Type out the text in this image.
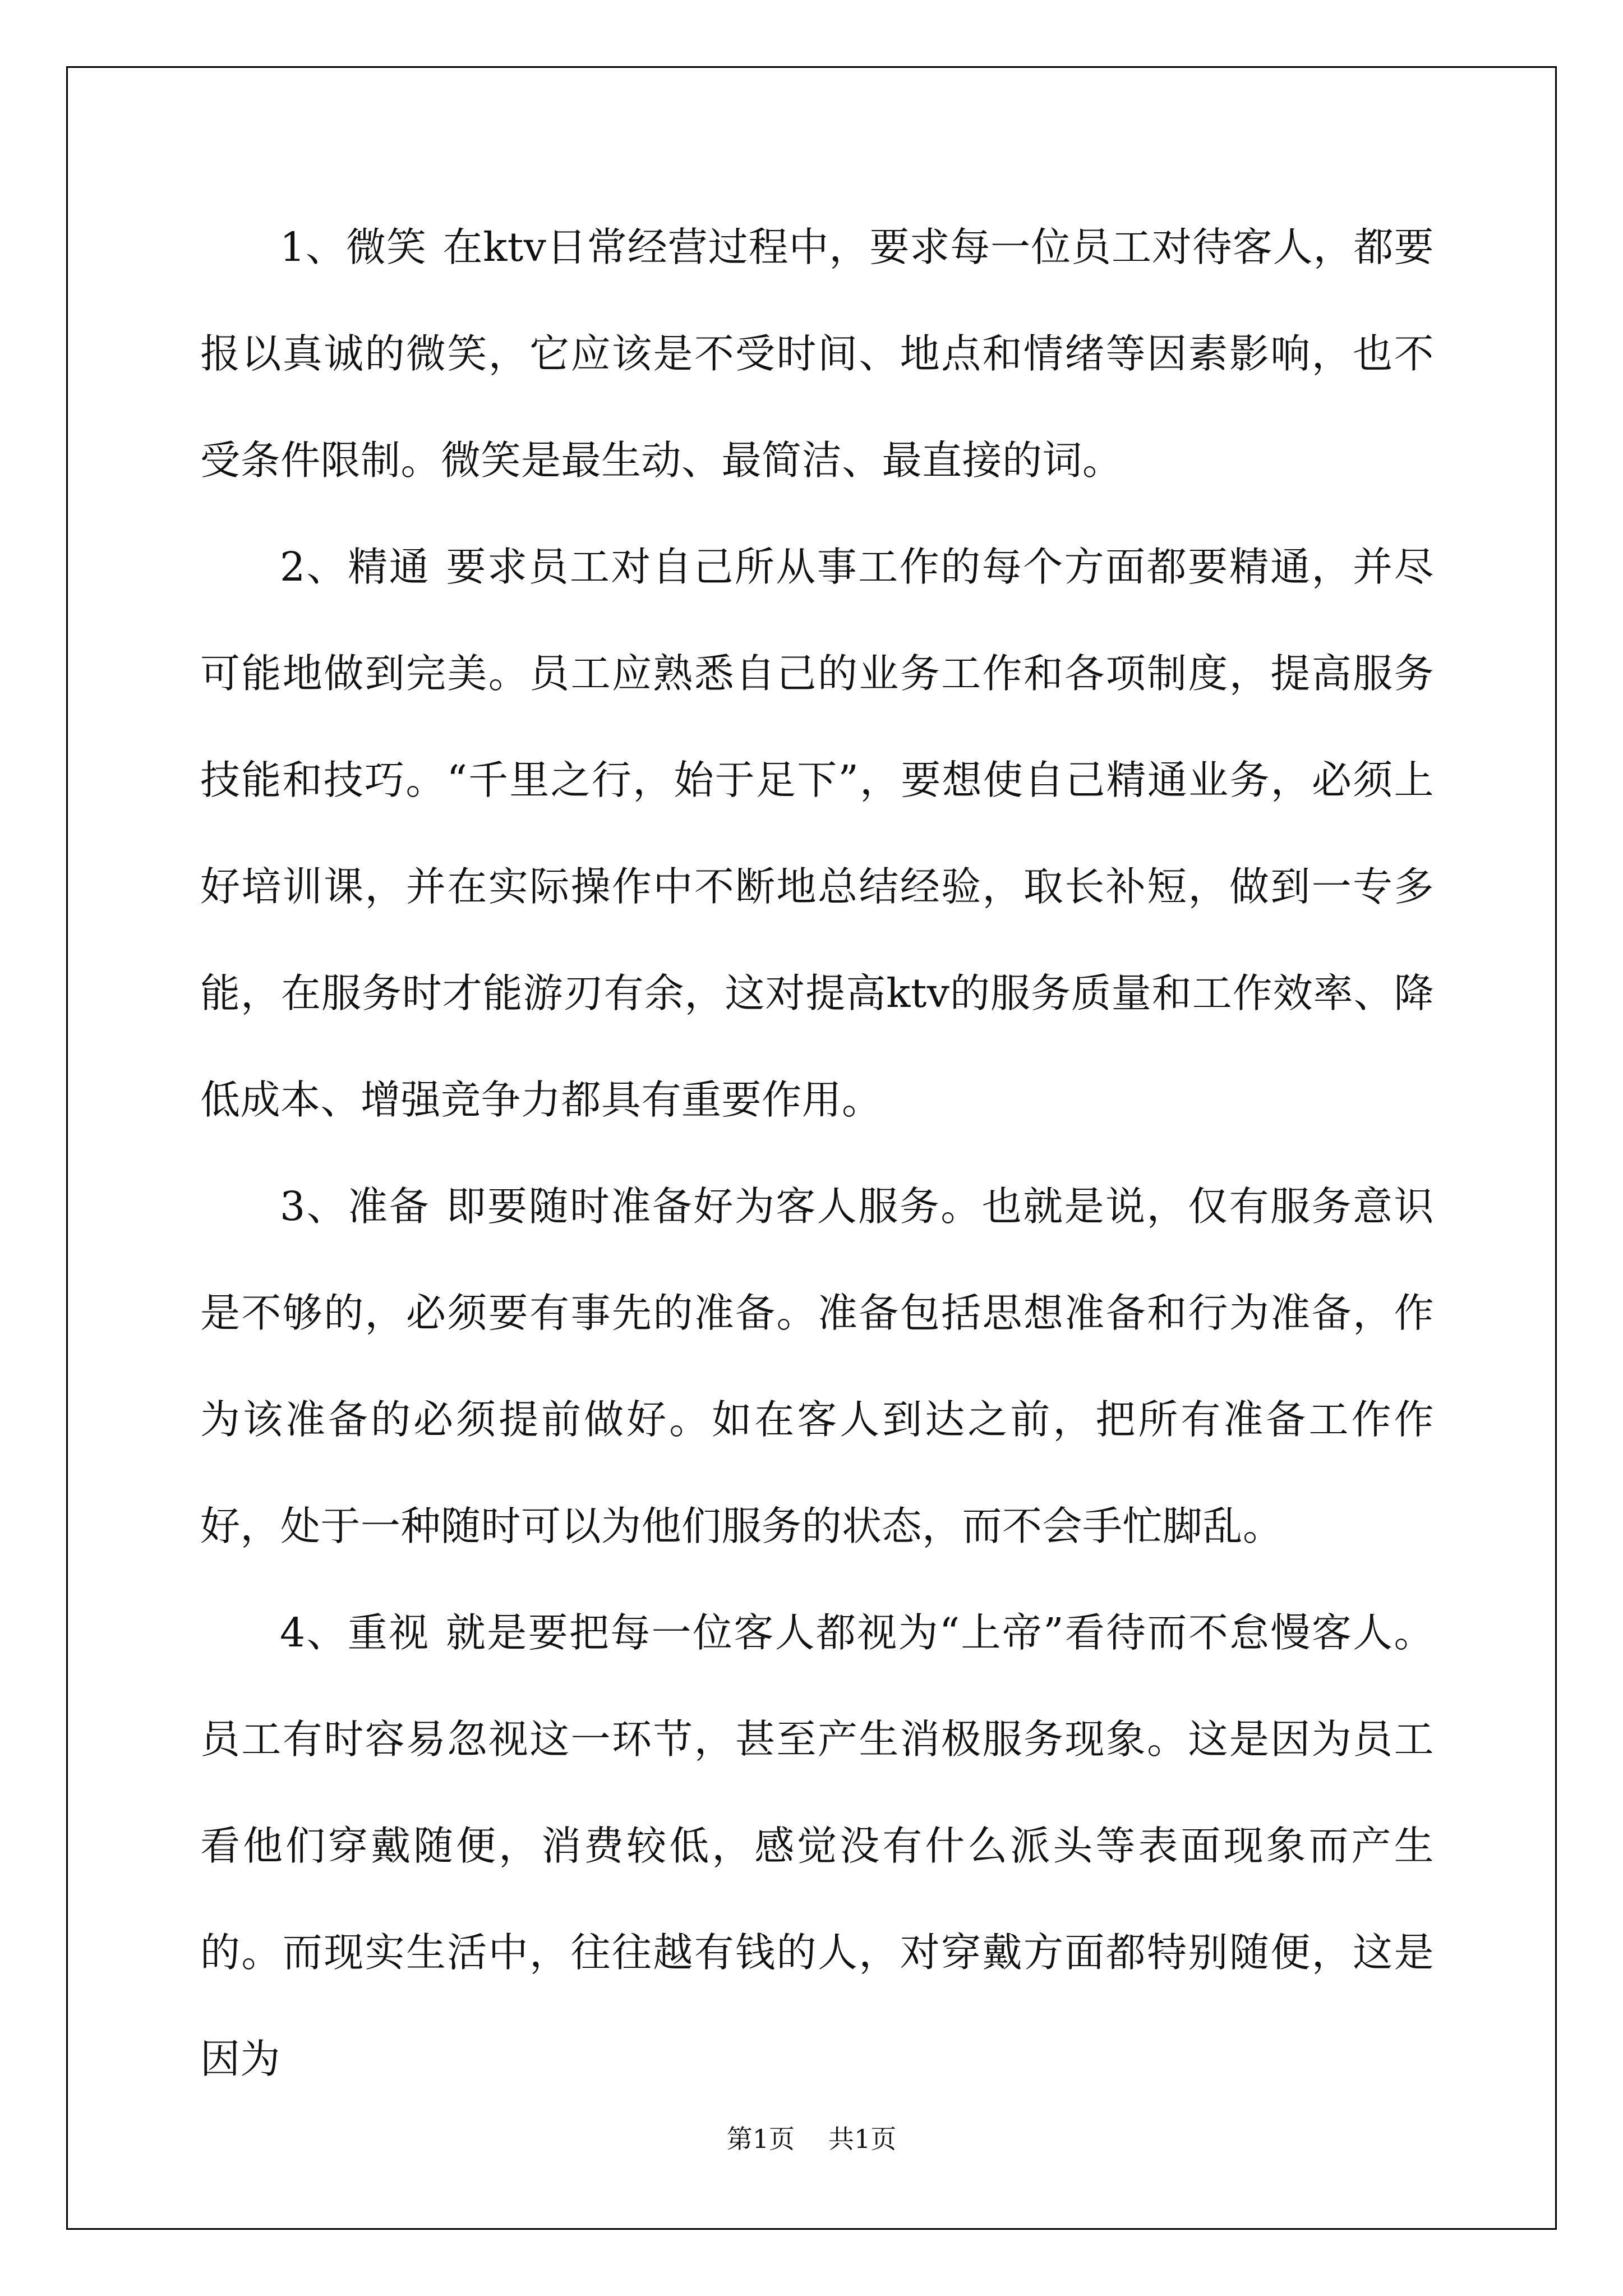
1、微笑 在ktv日常经营过程中，要求每一位员工对待客人，都要报以真诚的微笑，它应该是不受时间、地点和情绪等因素影响，也不受条件限制。微笑是最生动、最简洁、最直接的词。

2、精通 要求员工对自己所从事工作的每个方面都要精通，并尽可能地做到完美。员工应熟悉自己的业务工作和各项制度，提高服务技能和技巧。“千里之行，始于足下”，要想使自己精通业务，必须上好培训课，并在实际操作中不断地总结经验，取长补短，做到一专多能，在服务时才能游刃有余，这对提高ktv的服务质量和工作效率、降低成本、增强竞争力都具有重要作用。

3、准备 即要随时准备好为客人服务。也就是说，仅有服务意识是不够的，必须要有事先的准备。准备包括思想准备和行为准备，作为该准备的必须提前做好。如在客人到达之前，把所有准备工作作好，处于一种随时可以为他们服务的状态，而不会手忙脚乱。

4、重视 就是要把每一位客人都视为“上帝”看待而不怠慢客人。员工有时容易忽视这一环节，甚至产生消极服务现象。这是因为员工看他们穿戴随便，消费较低，感觉没有什么派头等表面现象而产生的。而现实生活中，往往越有钱的人，对穿戴方面都特别随便，这是因为

第1页 共1页
